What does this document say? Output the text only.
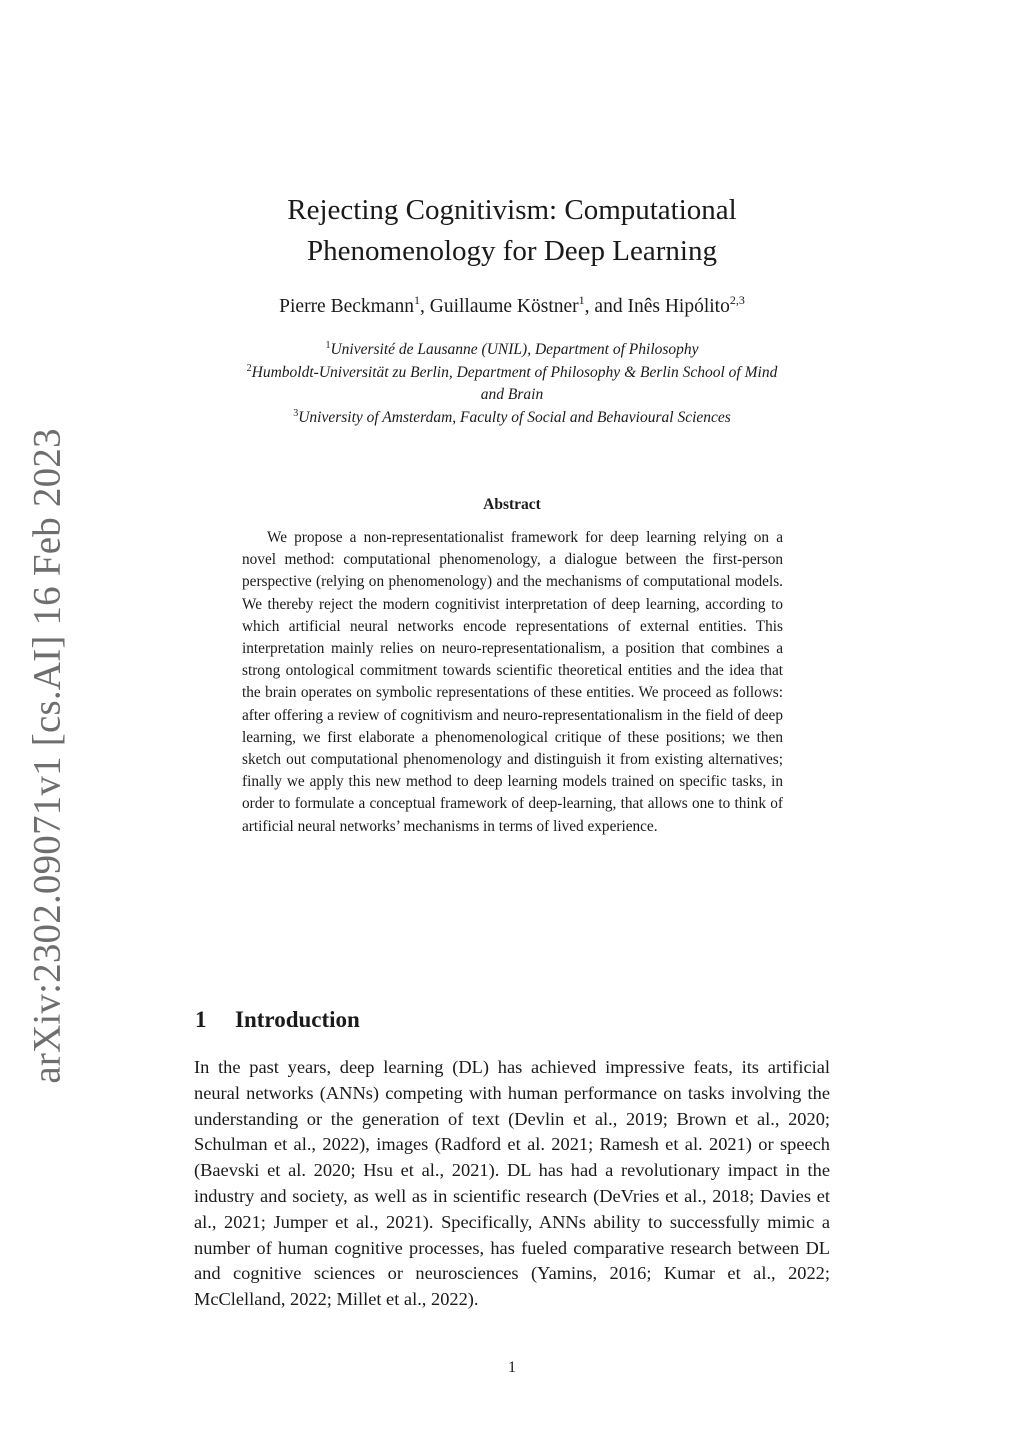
arXiv:2302.09071v1 [cs.AI] 16 Feb 2023
Rejecting Cognitivism: Computational
Phenomenology for Deep Learning
Pierre Beckmann$^1$, Guillaume Köstner$^1$, and Inês Hipólito$^{2,3}$
$^1$Université de Lausanne (UNIL), Department of Philosophy
$^2$Humboldt-Universität zu Berlin, Department of Philosophy & Berlin School of Mind
and Brain
$^3$University of Amsterdam, Faculty of Social and Behavioural Sciences
Abstract
We propose a non-representationalist framework for deep learning relying on a novel method: computational phenomenology, a dialogue between the first-person perspective (relying on phenomenology) and the mechanisms of computational models. We thereby reject the modern cognitivist interpretation of deep learning, according to which artificial neural networks encode representations of external entities. This interpretation mainly relies on neuro-representationalism, a position that combines a strong ontological commitment towards scientific theoretical entities and the idea that the brain operates on symbolic representations of these entities. We proceed as follows: after offering a review of cognitivism and neuro-representationalism in the field of deep learning, we first elaborate a phenomenological critique of these positions; we then sketch out computational phenomenology and distinguish it from existing alternatives; finally we apply this new method to deep learning models trained on specific tasks, in order to formulate a conceptual framework of deep-learning, that allows one to think of artificial neural networks’ mechanisms in terms of lived experience.
1 Introduction
In the past years, deep learning (DL) has achieved impressive feats, its artificial neural networks (ANNs) competing with human performance on tasks involving the understanding or the generation of text (Devlin et al., 2019; Brown et al., 2020; Schulman et al., 2022), images (Radford et al. 2021; Ramesh et al. 2021) or speech (Baevski et al. 2020; Hsu et al., 2021). DL has had a revolutionary impact in the industry and society, as well as in scientific research (DeVries et al., 2018; Davies et al., 2021; Jumper et al., 2021). Specifically, ANNs ability to successfully mimic a number of human cognitive processes, has fueled comparative research between DL and cognitive sciences or neurosciences (Yamins, 2016; Kumar et al., 2022; McClelland, 2022; Millet et al., 2022).
1
